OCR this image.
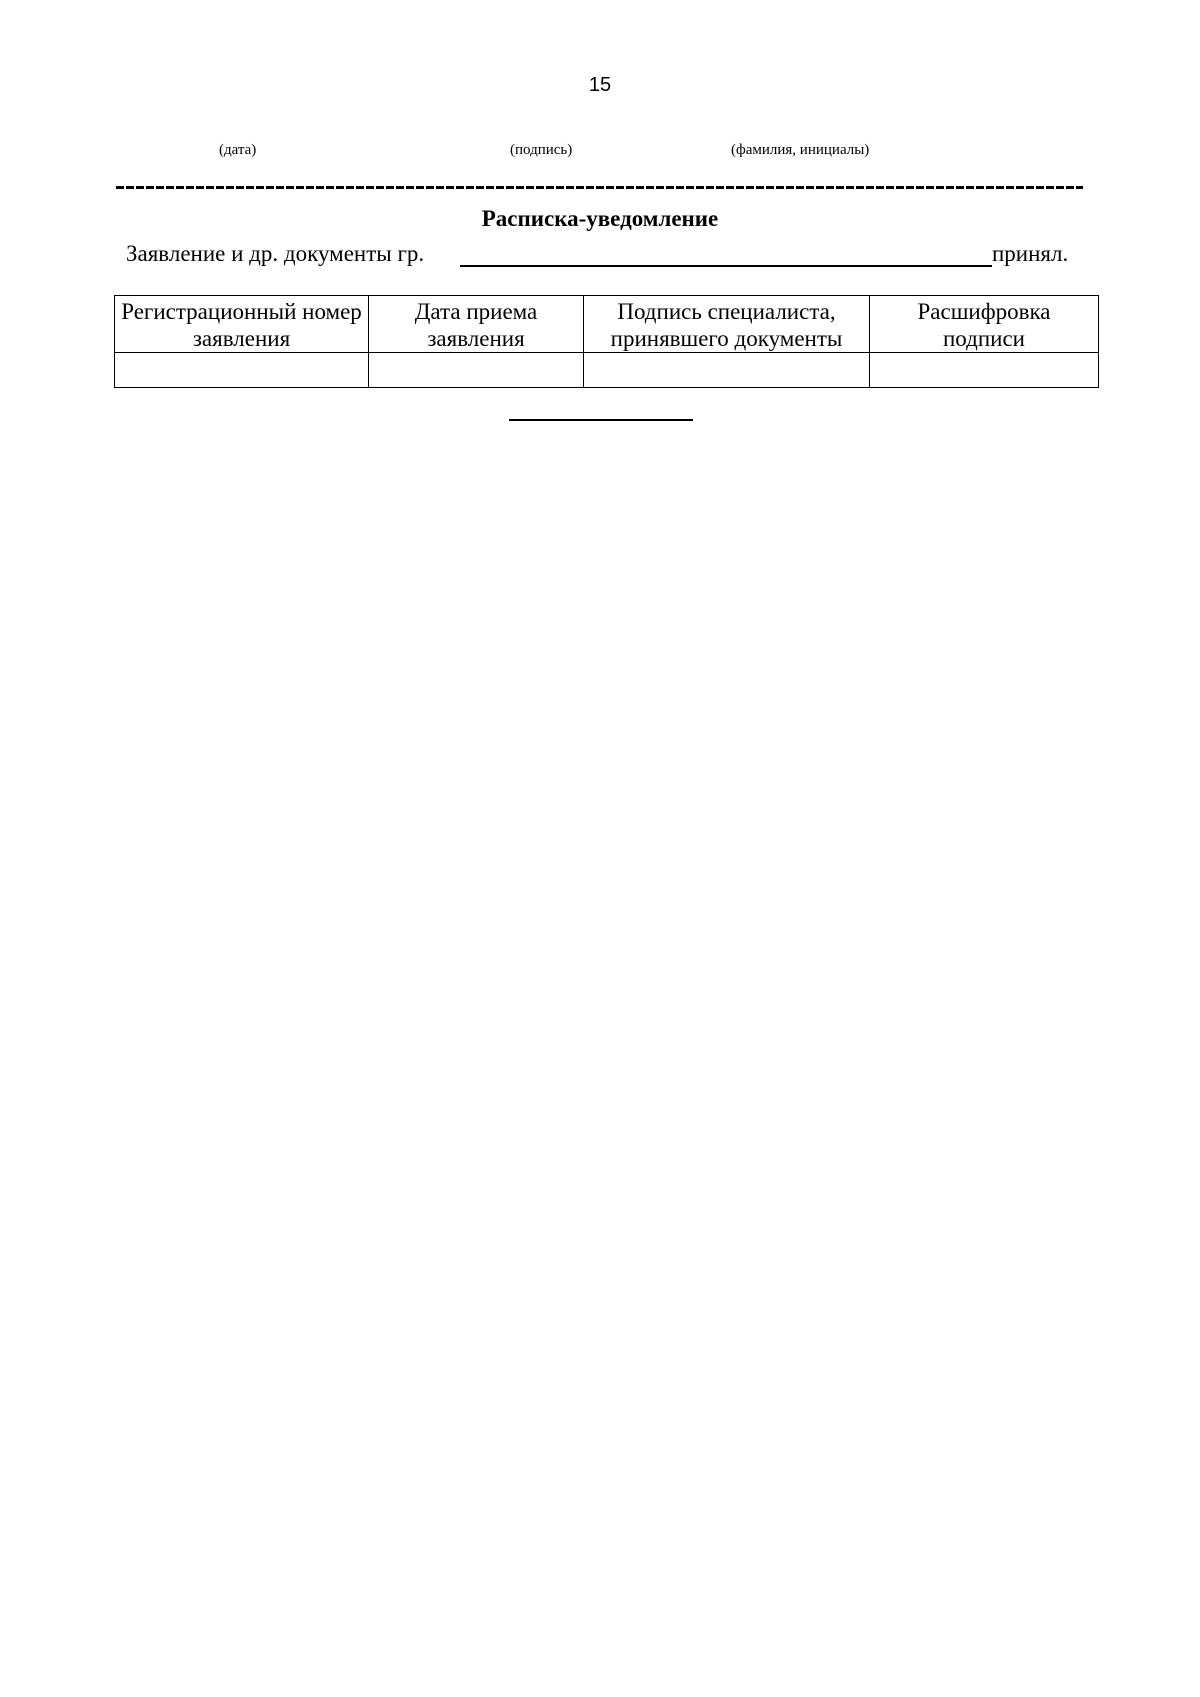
15
(дата)	(подпись)	(фамилия, инициалы)
Расписка-уведомление
Заявление и др. документы гр.	принял.
Регистрационный номер заявления	Дата приема заявления	Подпись специалиста, принявшего документы	Расшифровка подписи
